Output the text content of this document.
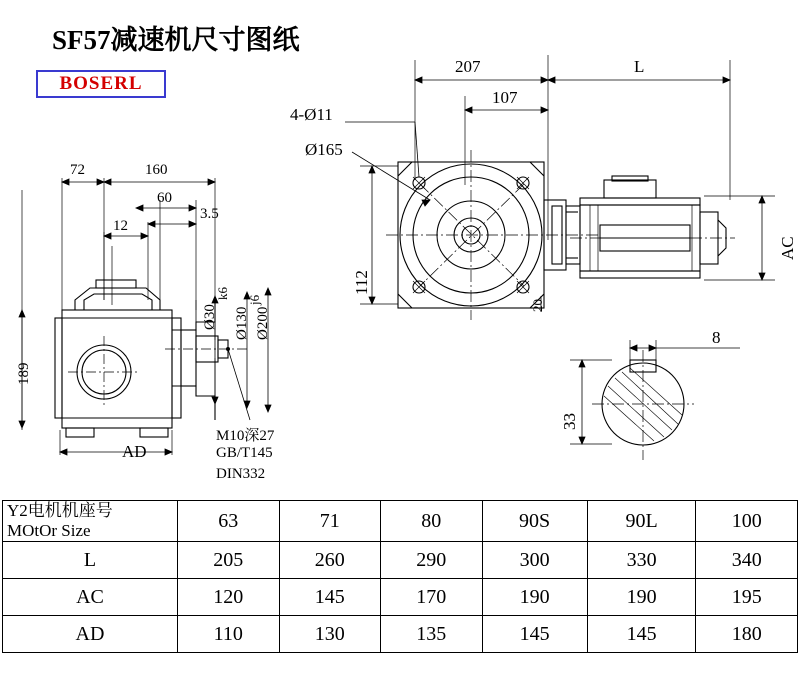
SF57减速机尺寸图纸
BOSERL
72	160
60
12
3.5
189
AD
Ø30
k6
Ø130
j6
Ø200
M10深27
GB/T145
DIN332
207	L
107
4-Ø11
Ø165
112
20
AC
8
33
Y2电机机座号
MOtOr Size	63	71	80	90S	90L	100
L	205	260	290	300	330	340
AC	120	145	170	190	190	195
AD	110	130	135	145	145	180
